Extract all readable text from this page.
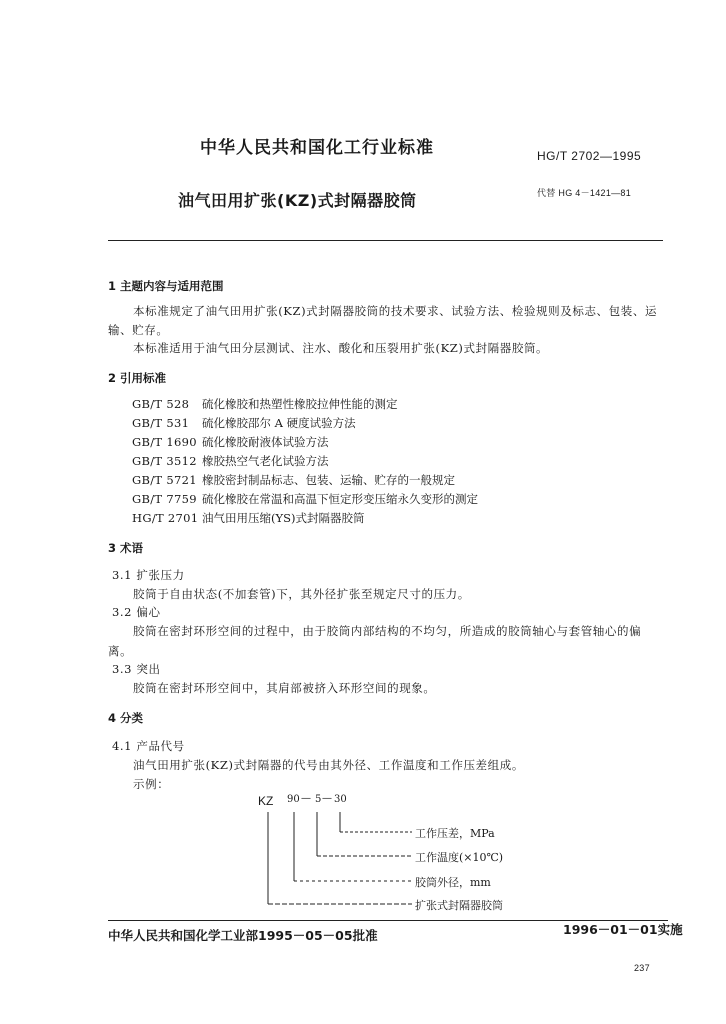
中华人民共和国化工行业标准	HG/T 2702—1995
油气田用扩张(KZ)式封隔器胶筒	代替 HG 4－1421—81
1 主题内容与适用范围
本标准规定了油气田用扩张(KZ)式封隔器胶筒的技术要求、试验方法、检验规则及标志、包装、运
输、贮存。
本标准适用于油气田分层测试、注水、酸化和压裂用扩张(KZ)式封隔器胶筒。
2 引用标准
GB/T 528 硫化橡胶和热塑性橡胶拉伸性能的测定
GB/T 531 硫化橡胶邵尔 A 硬度试验方法
GB/T 1690 硫化橡胶耐液体试验方法
GB/T 3512 橡胶热空气老化试验方法
GB/T 5721 橡胶密封制品标志、包装、运输、贮存的一般规定
GB/T 7759 硫化橡胶在常温和高温下恒定形变压缩永久变形的测定
HG/T 2701 油气田用压缩(YS)式封隔器胶筒
3 术语
3.1 扩张压力
胶筒于自由状态(不加套管)下，其外径扩张至规定尺寸的压力。
3.2 偏心
胶筒在密封环形空间的过程中，由于胶筒内部结构的不均匀，所造成的胶筒轴心与套管轴心的偏
离。
3.3 突出
胶筒在密封环形空间中，其肩部被挤入环形空间的现象。
4 分类
4.1 产品代号
油气田用扩张(KZ)式封隔器的代号由其外径、工作温度和工作压差组成。
示例：
KZ 90 — 5 — 30
工作压差，MPa
工作温度(×10℃)
胶筒外径，mm
扩张式封隔器胶筒
中华人民共和国化学工业部1995－05－05批准	1996－01－01实施
237
